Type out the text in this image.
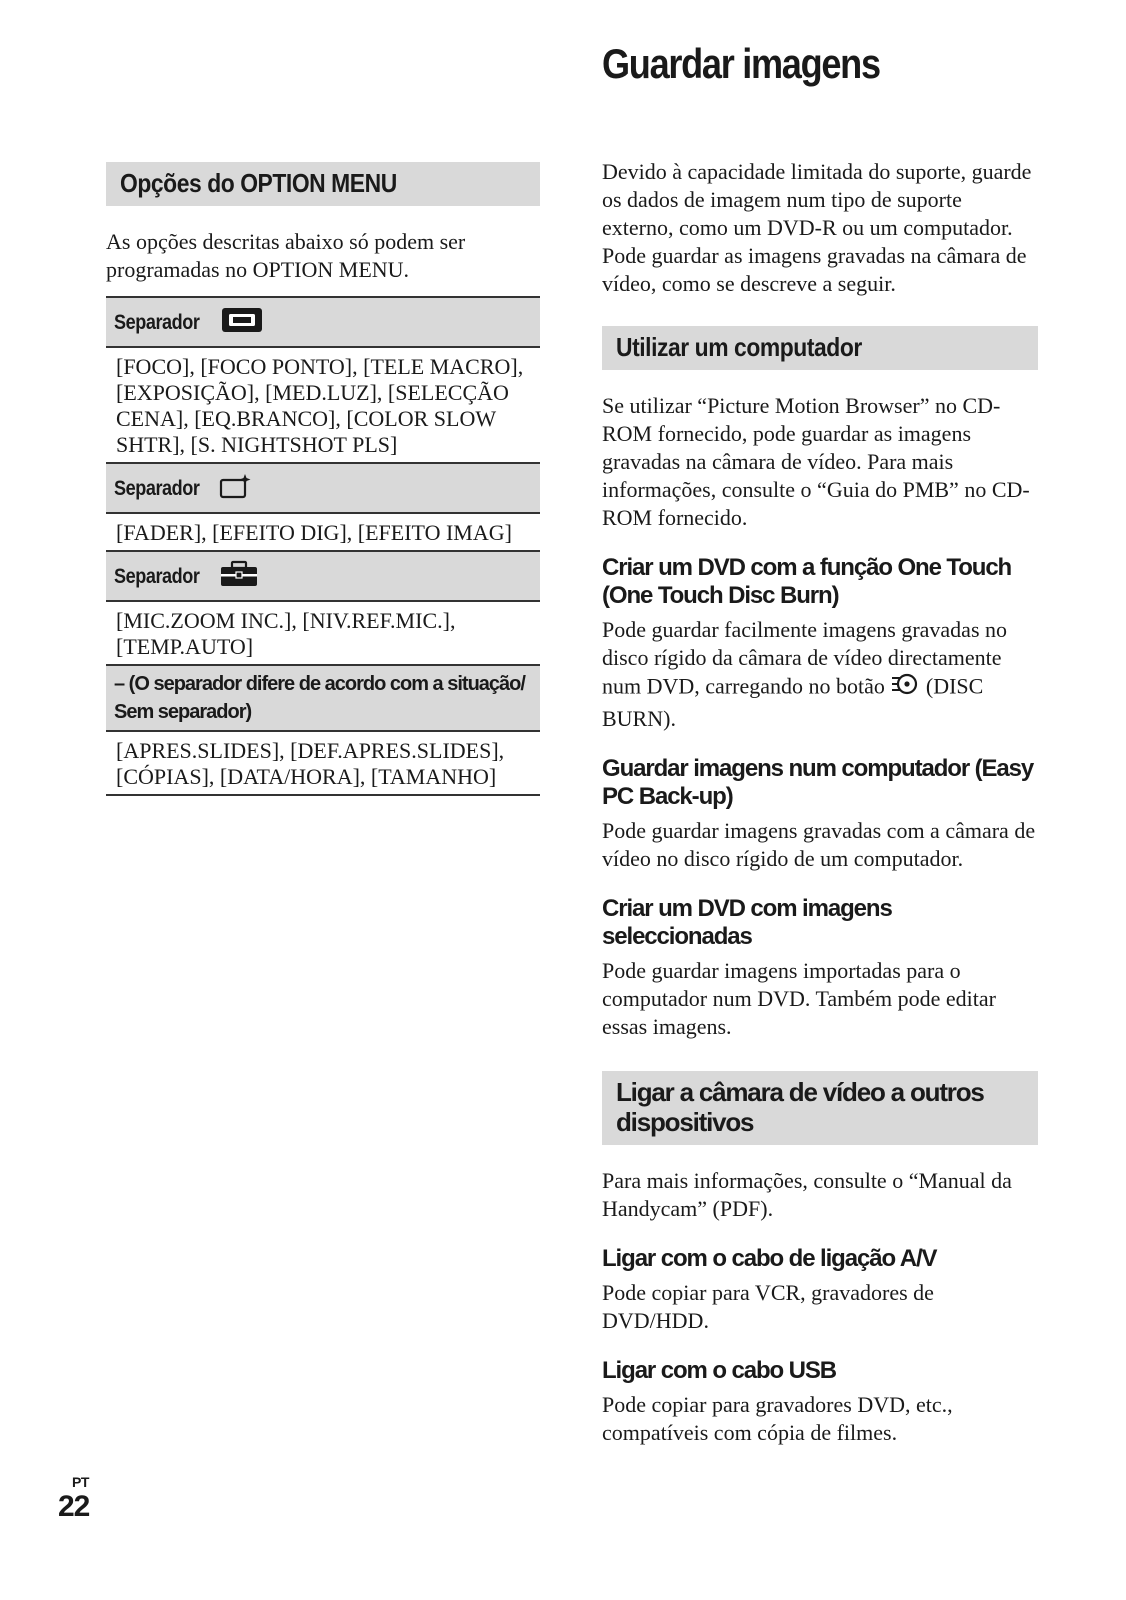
Guardar imagens
Opções do OPTION MENU

As opções descritas abaixo só podem ser programadas no OPTION MENU.

Separador
[FOCO], [FOCO PONTO], [TELE MACRO], [EXPOSIÇÃO], [MED.LUZ], [SELECÇÃO CENA], [EQ.BRANCO], [COLOR SLOW SHTR], [S. NIGHTSHOT PLS]
Separador
[FADER], [EFEITO DIG], [EFEITO IMAG]
Separador
[MIC.ZOOM INC.], [NIV.REF.MIC.], [TEMP.AUTO]
– (O separador difere de acordo com a situação/ Sem separador)
[APRES.SLIDES], [DEF.APRES.SLIDES], [CÓPIAS], [DATA/HORA], [TAMANHO]

Devido à capacidade limitada do suporte, guarde os dados de imagem num tipo de suporte externo, como um DVD-R ou um computador.

Pode guardar as imagens gravadas na câmara de vídeo, como se descreve a seguir.

Utilizar um computador

Se utilizar “Picture Motion Browser” no CD-ROM fornecido, pode guardar as imagens gravadas na câmara de vídeo. Para mais informações, consulte o “Guia do PMB” no CD-ROM fornecido.

Criar um DVD com a função One Touch (One Touch Disc Burn)

Pode guardar facilmente imagens gravadas no disco rígido da câmara de vídeo directamente num DVD, carregando no botão (DISC BURN).

Guardar imagens num computador (Easy PC Back-up)

Pode guardar imagens gravadas com a câmara de vídeo no disco rígido de um computador.

Criar um DVD com imagens seleccionadas

Pode guardar imagens importadas para o computador num DVD. Também pode editar essas imagens.

Ligar a câmara de vídeo a outros dispositivos

Para mais informações, consulte o “Manual da Handycam” (PDF).

Ligar com o cabo de ligação A/V

Pode copiar para VCR, gravadores de DVD/HDD.

Ligar com o cabo USB

Pode copiar para gravadores DVD, etc., compatíveis com cópia de filmes.

PT
22
